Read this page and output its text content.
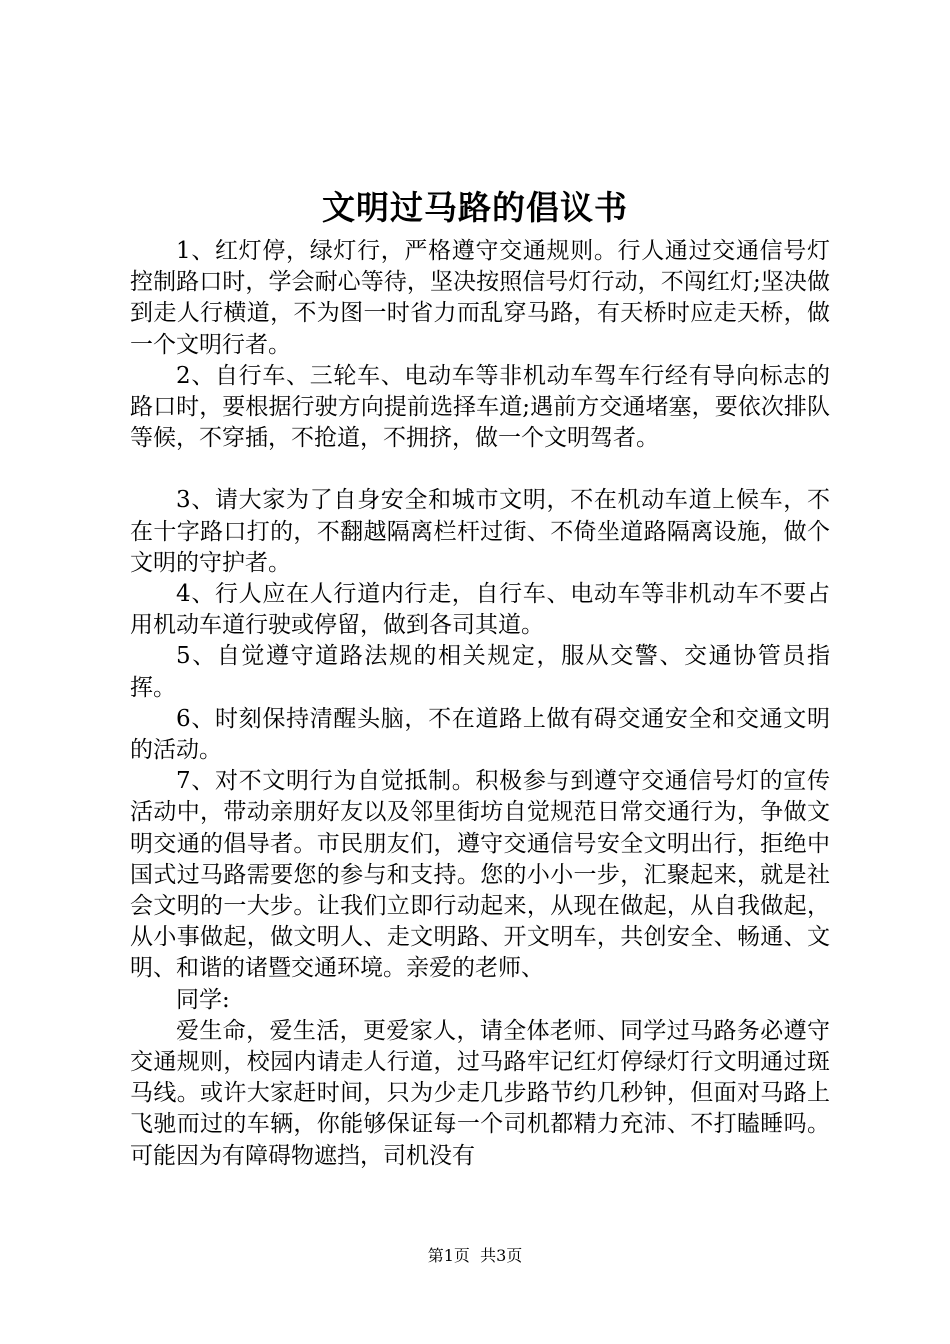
文明过马路的倡议书

1、红灯停，绿灯行，严格遵守交通规则。行人通过交通信号灯控制路口时，学会耐心等待，坚决按照信号灯行动，不闯红灯;坚决做到走人行横道，不为图一时省力而乱穿马路，有天桥时应走天桥，做一个文明行者。

2、自行车、三轮车、电动车等非机动车驾车行经有导向标志的路口时，要根据行驶方向提前选择车道;遇前方交通堵塞，要依次排队等候，不穿插，不抢道，不拥挤，做一个文明驾者。

3、请大家为了自身安全和城市文明，不在机动车道上候车，不在十字路口打的，不翻越隔离栏杆过街、不倚坐道路隔离设施，做个文明的守护者。

4、行人应在人行道内行走，自行车、电动车等非机动车不要占用机动车道行驶或停留，做到各司其道。

5、自觉遵守道路法规的相关规定，服从交警、交通协管员指挥。

6、时刻保持清醒头脑，不在道路上做有碍交通安全和交通文明的活动。

7、对不文明行为自觉抵制。积极参与到遵守交通信号灯的宣传活动中，带动亲朋好友以及邻里街坊自觉规范日常交通行为，争做文明交通的倡导者。市民朋友们，遵守交通信号安全文明出行，拒绝中国式过马路需要您的参与和支持。您的小小一步，汇聚起来，就是社会文明的一大步。让我们立即行动起来，从现在做起，从自我做起，从小事做起，做文明人、走文明路、开文明车，共创安全、畅通、文明、和谐的诸暨交通环境。亲爱的老师、

同学:

爱生命，爱生活，更爱家人，请全体老师、同学过马路务必遵守交通规则，校园内请走人行道，过马路牢记红灯停绿灯行文明通过斑马线。或许大家赶时间，只为少走几步路节约几秒钟，但面对马路上飞驰而过的车辆，你能够保证每一个司机都精力充沛、不打瞌睡吗。可能因为有障碍物遮挡，司机没有

第1页  共3页
